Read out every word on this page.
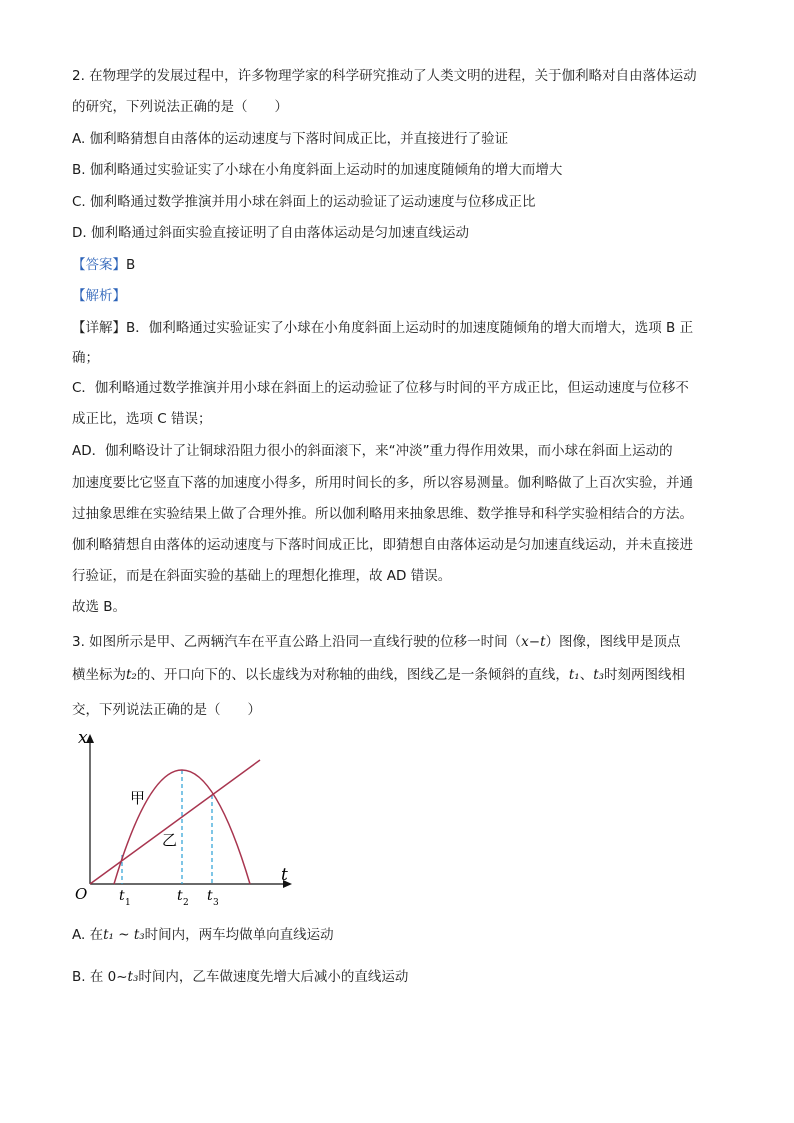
2. 在物理学的发展过程中，许多物理学家的科学研究推动了人类文明的进程，关于伽利略对自由落体运动
的研究，下列说法正确的是（　　）
A. 伽利略猜想自由落体的运动速度与下落时间成正比，并直接进行了验证
B. 伽利略通过实验证实了小球在小角度斜面上运动时的加速度随倾角的增大而增大
C. 伽利略通过数学推演并用小球在斜面上的运动验证了运动速度与位移成正比
D. 伽利略通过斜面实验直接证明了自由落体运动是匀加速直线运动
【答案】B
【解析】
【详解】B．伽利略通过实验证实了小球在小角度斜面上运动时的加速度随倾角的增大而增大，选项 B 正
确；
C．伽利略通过数学推演并用小球在斜面上的运动验证了位移与时间的平方成正比，但运动速度与位移不
成正比，选项 C 错误；
AD．伽利略设计了让铜球沿阻力很小的斜面滚下，来“冲淡”重力得作用效果，而小球在斜面上运动的
加速度要比它竖直下落的加速度小得多，所用时间长的多，所以容易测量。伽利略做了上百次实验，并通
过抽象思维在实验结果上做了合理外推。所以伽利略用来抽象思维、数学推导和科学实验相结合的方法。
伽利略猜想自由落体的运动速度与下落时间成正比，即猜想自由落体运动是匀加速直线运动，并未直接进
行验证，而是在斜面实验的基础上的理想化推理，故 AD 错误。
故选 B。
3. 如图所示是甲、乙两辆汽车在平直公路上沿同一直线行驶的位移一时间（x−t）图像，图线甲是顶点
横坐标为t₂的、开口向下的、以长虚线为对称轴的曲线，图线乙是一条倾斜的直线，t₁、t₃时刻两图线相
交，下列说法正确的是（　　）
x
t
O
甲
乙
t 1	t 2 t 3
A. 在t₁ ~ t₃时间内，两车均做单向直线运动
B. 在 0~t₃时间内，乙车做速度先增大后减小的直线运动
